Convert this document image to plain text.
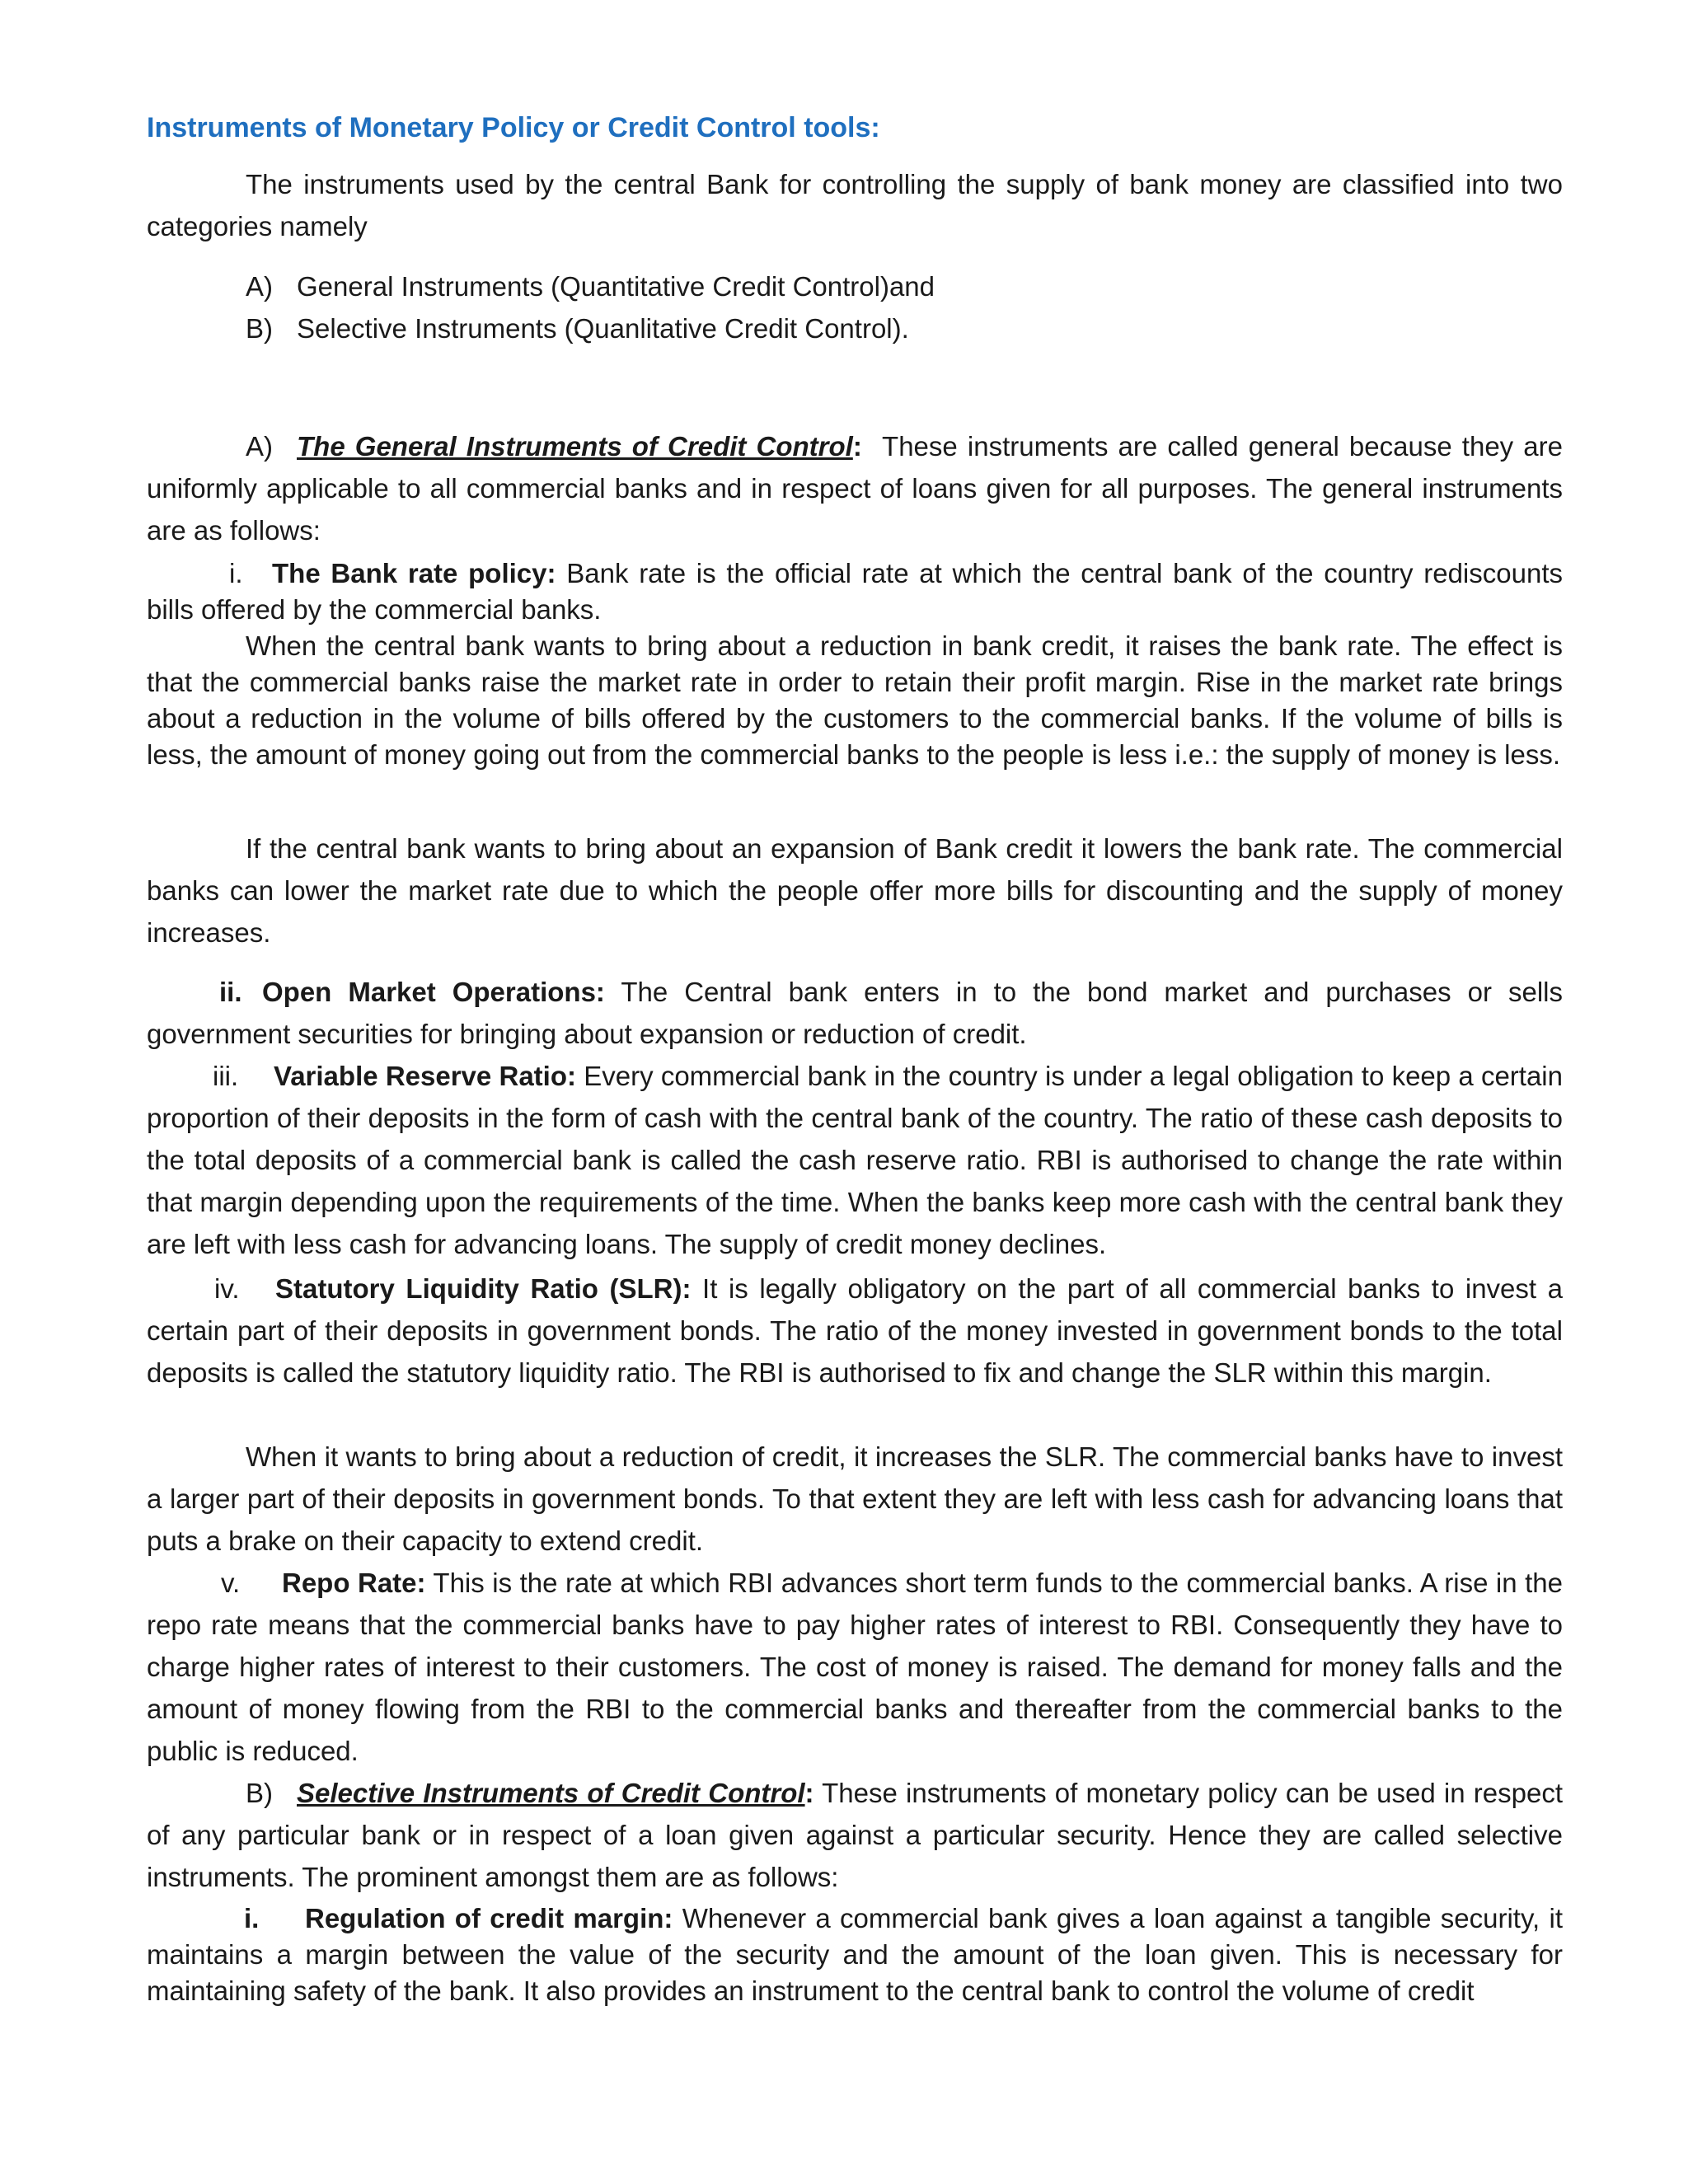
Instruments of Monetary Policy or Credit Control tools:

The instruments used by the central Bank for controlling the supply of bank money are classified into two categories namely

A) General Instruments (Quantitative Credit Control)and

B) Selective Instruments (Quanlitative Credit Control).

A) The General Instruments of Credit Control: These instruments are called general because they are uniformly applicable to all commercial banks and in respect of loans given for all purposes. The general instruments are as follows:

i. The Bank rate policy: Bank rate is the official rate at which the central bank of the country rediscounts bills offered by the commercial banks.

When the central bank wants to bring about a reduction in bank credit, it raises the bank rate. The effect is that the commercial banks raise the market rate in order to retain their profit margin. Rise in the market rate brings about a reduction in the volume of bills offered by the customers to the commercial banks. If the volume of bills is less, the amount of money going out from the commercial banks to the people is less i.e.: the supply of money is less.

If the central bank wants to bring about an expansion of Bank credit it lowers the bank rate. The commercial banks can lower the market rate due to which the people offer more bills for discounting and the supply of money increases.

ii. Open Market Operations: The Central bank enters in to the bond market and purchases or sells government securities for bringing about expansion or reduction of credit.

iii. Variable Reserve Ratio: Every commercial bank in the country is under a legal obligation to keep a certain proportion of their deposits in the form of cash with the central bank of the country. The ratio of these cash deposits to the total deposits of a commercial bank is called the cash reserve ratio. RBI is authorised to change the rate within that margin depending upon the requirements of the time. When the banks keep more cash with the central bank they are left with less cash for advancing loans. The supply of credit money declines.

iv. Statutory Liquidity Ratio (SLR): It is legally obligatory on the part of all commercial banks to invest a certain part of their deposits in government bonds. The ratio of the money invested in government bonds to the total deposits is called the statutory liquidity ratio. The RBI is authorised to fix and change the SLR within this margin.

When it wants to bring about a reduction of credit, it increases the SLR. The commercial banks have to invest a larger part of their deposits in government bonds. To that extent they are left with less cash for advancing loans that puts a brake on their capacity to extend credit.

v. Repo Rate: This is the rate at which RBI advances short term funds to the commercial banks. A rise in the repo rate means that the commercial banks have to pay higher rates of interest to RBI. Consequently they have to charge higher rates of interest to their customers. The cost of money is raised. The demand for money falls and the amount of money flowing from the RBI to the commercial banks and thereafter from the commercial banks to the public is reduced.

B) Selective Instruments of Credit Control: These instruments of monetary policy can be used in respect of any particular bank or in respect of a loan given against a particular security. Hence they are called selective instruments. The prominent amongst them are as follows:

i. Regulation of credit margin: Whenever a commercial bank gives a loan against a tangible security, it maintains a margin between the value of the security and the amount of the loan given. This is necessary for maintaining safety of the bank. It also provides an instrument to the central bank to control the volume of credit
